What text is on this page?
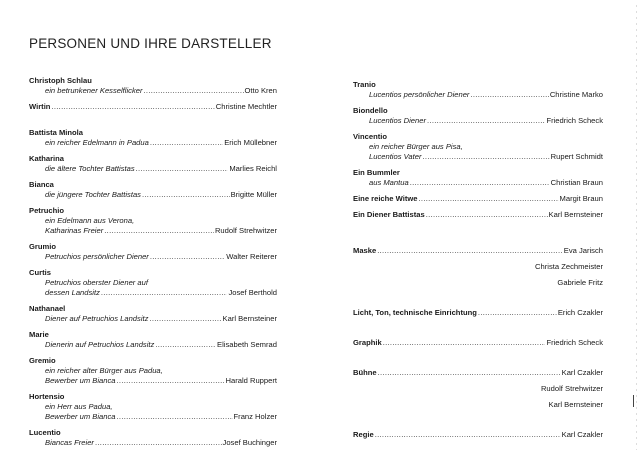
PERSONEN UND IHRE DARSTELLER
Christoph Schlau
ein betrunkener Kesselflicker .....	Otto Kren
Wirtin .....	Christine Mechtler
Battista Minola
ein reicher Edelmann in Padua .....	Erich Müllebner
Katharina
die ältere Tochter Battistas .....	Marlies Reichl
Bianca
die jüngere Tochter Battistas .....	Brigitte Müller
Petruchio
ein Edelmann aus Verona,
Katharinas Freier .....	Rudolf Strehwitzer
Grumio
Petruchios persönlicher Diener .....	Walter Reiterer
Curtis
Petruchios oberster Diener auf
dessen Landsitz .....	Josef Berthold
Nathanael
Diener auf Petruchios Landsitz .....	Karl Bernsteiner
Marie
Dienerin auf Petruchios Landsitz .....	Elisabeth Semrad
Gremio
ein reicher alter Bürger aus Padua,
Bewerber um Bianca .....	Harald Ruppert
Hortensio
ein Herr aus Padua,
Bewerber um Bianca .....	Franz Holzer
Lucentio
Biancas Freier .....	Josef Buchinger
Tranio
Lucentios persönlicher Diener .....	Christine Marko
Biondello
Lucentios Diener .....	Friedrich Scheck
Vincentio
ein reicher Bürger aus Pisa,
Lucentios Vater .....	Rupert Schmidt
Ein Bummler
aus Mantua .....	Christian Braun
Eine reiche Witwe .....	Margit Braun
Ein Diener Battistas .....	Karl Bernsteiner
Maske .....	Eva Jarisch
Christa Zechmeister
Gabriele Fritz
Licht, Ton, technische Einrichtung .....	Erich Czakler
Graphik .....	Friedrich Scheck
Bühne .....	Karl Czakler
Rudolf Strehwitzer
Karl Bernsteiner
Regie .....	Karl Czakler
